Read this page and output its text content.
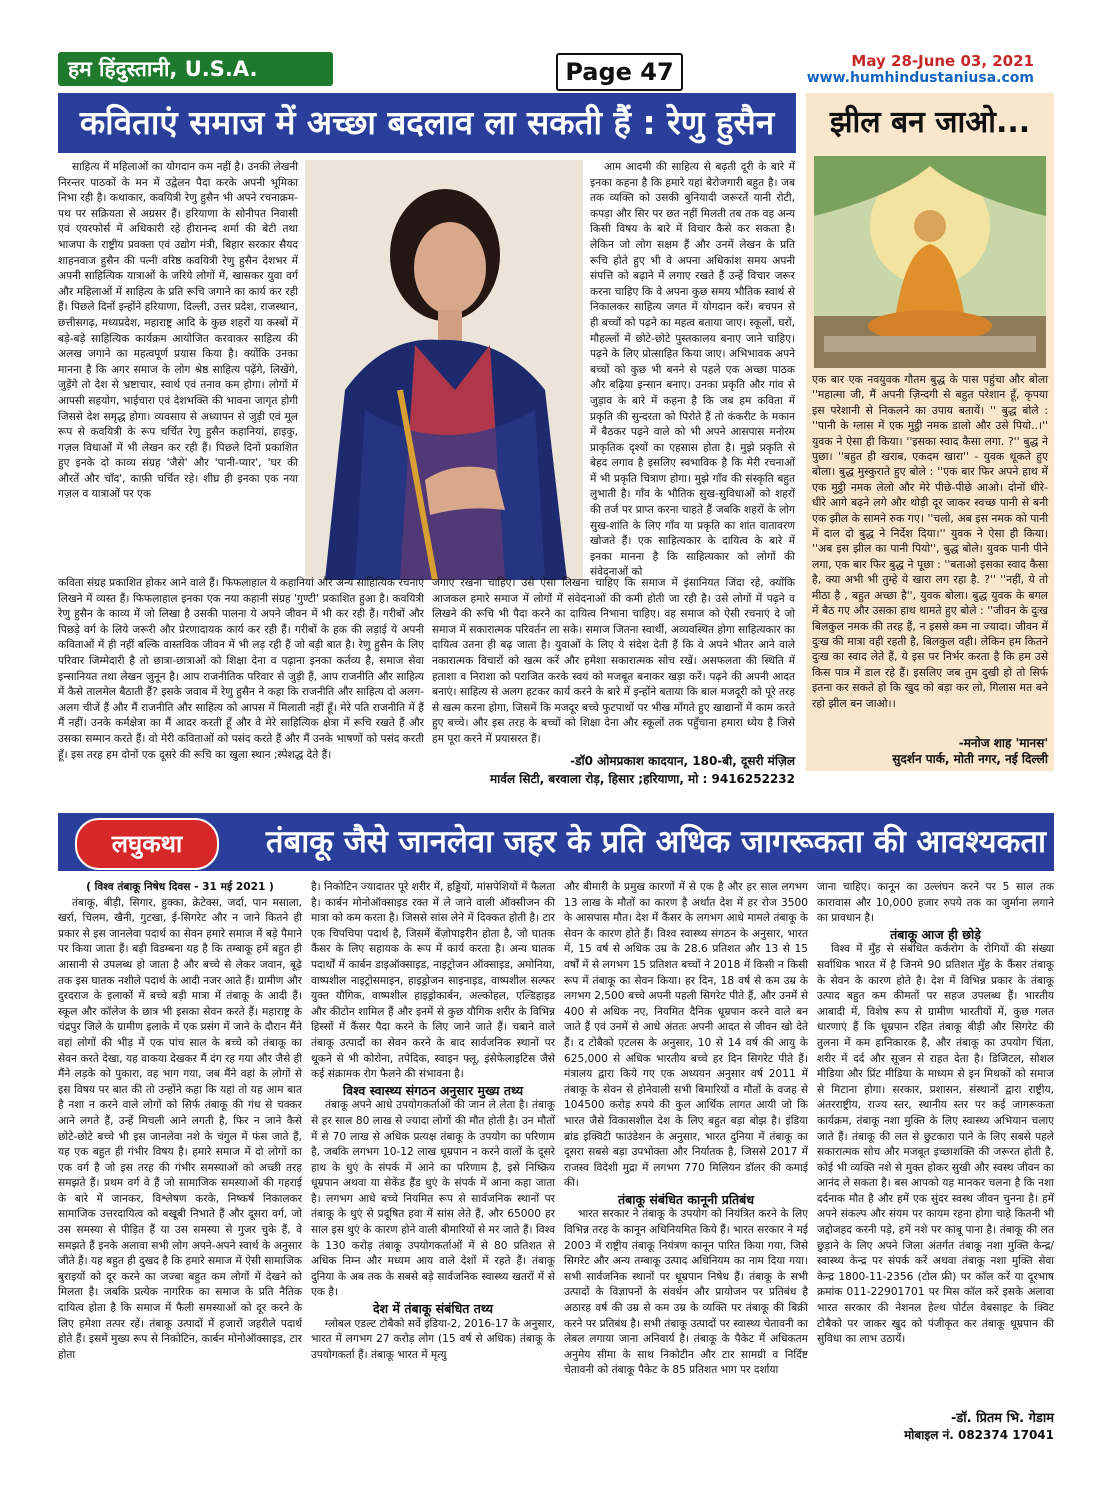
हम हिंदुस्तानी, U.S.A.	Page 47	May 28-June 03, 2021
www.humhindustaniusa.com
कविताएं समाज में अच्छा बदलाव ला सकती हैं : रेणु हुसैन

साहित्य में महिलाओं का योगदान कम नहीं है। उनकी लेखनी निरन्तर पाठकों के मन में उद्वेलन पैदा करके अपनी भूमिका निभा रही है। कथाकार, कवयित्री रेणु हुसैन भी अपने रचनाक्रम-पथ पर सक्रियता से अग्रसर हैं। हरियाणा के सोनीपत निवासी एवं एयरफोर्स में अधिकारी रहे हीरानन्द शर्मा की बेटी तथा भाजपा के राष्ट्रीय प्रवक्ता एवं उद्योग मंत्री, बिहार सरकार सैयद शाहनवाज हुसैन की पत्नी वरिष्ठ कवयित्री रेणु हुसैन देशभर में अपनी साहित्यिक यात्राओं के जरिये लोगों में, खासकर युवा वर्ग और महिलाओं में साहित्य के प्रति रूचि जगाने का कार्य कर रही हैं। पिछले दिनों इन्होंने हरियाणा, दिल्ली, उत्तर प्रदेश, राजस्थान, छत्तीसगढ़, मध्यप्रदेश, महाराष्ट्र आदि के कुछ शहरों या कस्बों में बड़े-बड़े साहित्यिक कार्यक्रम आयोजित करवाकर साहित्य की अलख जगाने का महत्वपूर्ण प्रयास किया है। क्योंकि उनका मानना है कि अगर समाज के लोग श्रेष्ठ साहित्य पढ़ेंगे, लिखेंगे, जुड़ेंगे तो देश से भ्रष्टाचार, स्वार्थ एवं तनाव कम होगा। लोगों में आपसी सहयोग, भाईचारा एवं देशभक्ति की भावना जागृत होगी जिससे देश समृद्ध होगा। व्यवसाय से अध्यापन से जुड़ी एवं मूल रूप से कवयित्री के रूप चर्चित रेणु हुसैन कहानियां, हाइकु, गज़ल विधाओं में भी लेखन कर रही हैं। पिछले दिनों प्रकाशित हुए इनके दो काव्य संग्रह 'जैसे' और 'पानी-प्यार', 'घर की औरतें और चाँद', काफ़ी चर्चित रहे। शीघ्र ही इनका एक नया गज़ल व यात्राओं पर एक

कविता संग्रह प्रकाशित होकर आने वाले हैं। फिफलाहाल ये कहानियां और अन्य साहित्यिक रचनाएं लिखने में व्यस्त हैं। फिफलाहाल इनका एक नया कहानी संग्रह 'गुण्टी' प्रकाशित हुआ है। कवयित्री रेणु हुसैन के काव्य में जो लिखा है उसकी पालना ये अपने जीवन में भी कर रही हैं। गरीबों और पिछड़े वर्ग के लिये जरूरी और प्रेरणादायक कार्य कर रही हैं। गरीबों के हक की लड़ाई ये अपनी कविताओं में ही नहीं बल्कि वास्तविक जीवन में भी लड़ रही हैं जो बड़ी बात है। रेणु हुसैन के लिए परिवार जिम्मेदारी है तो छात्रा-छात्राओं को शिक्षा देना व पढ़ाना इनका कर्तव्य है, समाज सेवा इन्सानियत तथा लेखन जुनून है। आप राजनीतिक परिवार से जुड़ी हैं, आप राजनीति और साहित्य में कैसे तालमेल बैठाती हैं? इसके जवाब में रेणु हुसैन ने कहा कि राजनीति और साहित्य दो अलग-अलग चीजें हैं और मैं राजनीति और साहित्य को आपस में मिलाती नहीं हूँ। मेरे पति राजनीति में हैं मैं नहीं। उनके कर्मक्षेत्रा का मैं आदर करती हूँ और वे मेरे साहित्यिक क्षेत्रा में रूचि रखते हैं और उसका सम्मान करते हैं। वो मेरी कविताओं को पसंद करते हैं और मैं उनके भाषणों को पसंद करती हूँ। इस तरह हम दोनों एक दूसरे की रूचि का खुला स्थान ;स्पेशद्ध देते हैं।

आम आदमी की साहित्य से बढ़ती दूरी के बारे में इनका कहना है कि हमारे यहां बेरोजगारी बहुत है। जब तक व्यक्ति को उसकी बुनियादी जरूरतें यानी रोटी, कपड़ा और सिर पर छत नहीं मिलती तब तक वह अन्य किसी विषय के बारे में विचार कैसे कर सकता है। लेकिन जो लोग सक्षम हैं और उनमें लेखन के प्रति रूचि होते हुए भी वे अपना अधिकांश समय अपनी संपत्ति को बढ़ाने में लगाए रखते हैं उन्हें विचार जरूर करना चाहिए कि वे अपना कुछ समय भौतिक स्वार्थ से निकालकर साहित्य जगत में योगदान करें। बचपन से ही बच्चों को पढ़ने का महत्व बताया जाए। स्कूलों, घरों, मौहल्लों में छोटे-छोटे पुस्तकालय बनाए जाने चाहिए। पढ़ने के लिए प्रोत्साहित किया जाए। अभिभावक अपने बच्चों को कुछ भी बनने से पहले एक अच्छा पाठक और बढ़िया इन्सान बनाए। उनका प्रकृति और गांव से जुड़ाव के बारे में कहना है कि जब हम कविता में प्रकृति की सुन्दरता को पिरोते हैं तो कंकरीट के मकान में बैठकर पढ़ने वाले को भी अपने आसपास मनोरम प्राकृतिक दृश्यों का एहसास होता है। मुझे प्रकृति से बेहद लगाव है इसलिए स्वभाविक है कि मेरी रचनाओं में भी प्रकृति चित्राण होगा। मुझे गाँव की संस्कृति बहुत लुभाती है। गाँव के भौतिक सुख-सुविधाओं को शहरों की तर्ज पर प्राप्त करना चाहते हैं जबकि शहरों के लोग सुख-शांति के लिए गाँव या प्रकृति का शांत वातावरण खोजते हैं। एक साहित्यकार के दायित्व के बारे में इनका मानना है कि साहित्यकार को लोगों की संवेदनाओं को

जगाए रखना चाहिए। उसे ऐसा लिखना चाहिए कि समाज में इंसानियत जिंदा रहे, क्योंकि आजकल हमारे समाज में लोगों में संवेदनाओं की कमी होती जा रही है। उसे लोगों में पढ़ने व लिखने की रूचि भी पैदा करने का दायित्व निभाना चाहिए। वह समाज को ऐसी रचनाएं दे जो समाज में सकारात्मक परिवर्तन ला सके। समाज जितना स्वार्थी, अव्यवस्थित होगा साहित्यकार का दायित्व उतना ही बढ़ जाता है। युवाओं के लिए ये संदेश देती हैं कि वे अपने भीतर आने वाले नकारात्मक विचारों को खत्म करें और हमेशा सकारात्मक सोच रखें। असफलता की स्थिति में हताशा व निराशा को पराजित करके स्वयं को मजबूत बनाकर खड़ा करें। पढ़ने की अपनी आदत बनाएं। साहित्य से अलग हटकर कार्य करने के बारे में इन्होंने बताया कि बाल मजदूरी को पूरे तरह से खत्म करना होगा, जिसमें कि मजदूर बच्चे फुटपाथों पर भीख माँगते हुए खाद्यानों में काम करते हुए बच्चे। और इस तरह के बच्चों को शिक्षा देना और स्कूलों तक पहुँचाना हमारा ध्येय है जिसे हम पूरा करने में प्रयासरत हैं।

-डॉ0 ओमप्रकाश कादयान, 180-बी, दूसरी मंज़िल
मार्वल सिटी, बरवाला रोड़, हिसार ;हरियाणा, मो : 9416252232
झील बन जाओ...

एक बार एक नवयुवक गौतम बुद्ध के पास पहुंचा और बोला ''महात्मा जी, मैं अपनी ज़िन्दगी से बहुत परेशान हूँ, कृपया इस परेशानी से निकलने का उपाय बतायें। '' बुद्ध बोले : ''पानी के ग्लास में एक मुट्ठी नमक डालो और उसे पियो..।'' युवक ने ऐसा ही किया। ''इसका स्वाद कैसा लगा. ?'' बुद्ध ने पुछा। ''बहुत ही खराब, एकदम खारा'' - युवक थूकते हुए बोला। बुद्ध मुस्कुराते हुए बोले : ''एक बार फिर अपने हाथ में एक मुट्ठी नमक लेलो और मेरे पीछे-पीछे आओ। दोनों धीरे-धीरे आगे बढ़ने लगे और थोड़ी दूर जाकर स्वच्छ पानी से बनी एक झील के सामने रुक गए। ''चलो, अब इस नमक को पानी में दाल दो बुद्ध ने निर्देश दिया।'' युवक ने ऐसा ही किया। ''अब इस झील का पानी पियो'', बुद्ध बोले। युवक पानी पीने लगा, एक बार फिर बुद्ध ने पूछा : ''बताओ इसका स्वाद कैसा है, क्या अभी भी तुम्हे ये खारा लग रहा है. ?'' ''नहीं, ये तो मीठा है , बहुत अच्छा है'', युवक बोला। बुद्ध युवक के बगल में बैठ गए और उसका हाथ थामते हुए बोले : ''जीवन के दुःख बिलकुल नमक की तरह हैं, न इससे कम ना ज्यादा। जीवन में दुःख की मात्रा वही रहती है, बिलकुल वही। लेकिन हम कितने दुःख का स्वाद लेते हैं, ये इस पर निर्भर करता है कि हम उसे किस पात्र में डाल रहे हैं। इसलिए जब तुम दुखी हो तो सिर्फ इतना कर सकते हो कि खुद को बड़ा कर लो, गिलास मत बने रहो झील बन जाओ।।

-मनोज शाह 'मानस'
सुदर्शन पार्क, मोती नगर, नई दिल्ली
लघुकथा	तंबाकू जैसे जानलेवा जहर के प्रति अधिक जागरूकता की आवश्यकता
( विश्व तंबाकू निषेध दिवस - 31 मई 2021 )

तंबाकू, बीड़ी, सिगार, हुक्का, क्रेटेक्स, जर्दा, पान मसाला, खर्रा, चिलम, खैनी, गुटखा, ई-सिगरेट और न जाने कितने ही प्रकार से इस जानलेवा पदार्थ का सेवन हमारे समाज में बड़े पैमाने पर किया जाता हैं। बड़ी विडम्बना यह है कि तम्बाकू हमें बहुत ही आसानी से उपलब्ध हो जाता है और बच्चे से लेकर जवान, बूढ़े तक इस घातक नशीले पदार्थ के आदी नजर आते हैं। ग्रामीण और दुरदराज के इलाकों में बच्चे बड़ी मात्रा में तंबाकू के आदी हैं। स्कूल और कॉलेज के छात्र भी इसका सेवन करते हैं। महाराष्ट्र के चंद्रपुर जिले के ग्रामीण इलाके में एक प्रसंग में जाने के दौरान मैंने वहां लोगों की भीड़ में एक पांच साल के बच्चे को तंबाकू का सेवन करते देखा, यह वाकया देखकर मैं दंग रह गया और जैसे ही मैंने लड़के को पुकारा, वह भाग गया, जब मैंने वहां के लोगों से इस विषय पर बात की तो उन्होंने कहा कि यहां तो यह आम बात है नशा न करने वाले लोगों को सिर्फ तंबाकू की गंध से चक्कर आने लगते हैं, उन्हें मिचली आने लगती है, फिर न जाने कैसे छोटे-छोटे बच्चे भी इस जानलेवा नशे के चंगुल में फंस जाते हैं, यह एक बहुत ही गंभीर विषय है। हमारे समाज में दो लोगों का एक वर्ग है जो इस तरह की गंभीर समस्याओं को अच्छी तरह समझते हैं। प्रथम वर्ग वे हैं जो सामाजिक समस्याओं की गहराई के बारे में जानकर, विश्लेषण करके, निष्कर्ष निकालकर सामाजिक उत्तरदायित्व को बखूबी निभाते हैं और दूसरा वर्ग, जो उस समस्या से पीड़ित हैं या उस समस्या से गुजर चुके हैं, वे समझते हैं इनके अलावा सभी लोग अपने-अपने स्वार्थ के अनुसार जीते हैं। यह बहुत ही दुखद है कि हमारे समाज में ऐसी सामाजिक बुराइयों को दूर करने का जज्बा बहुत कम लोगों में देखने को मिलता है। जबकि प्रत्येक नागरिक का समाज के प्रति नैतिक दायित्व होता है कि समाज में फैली समस्याओं को दूर करने के लिए हमेशा तत्पर रहें। तंबाकू उत्पादों में हजारों जहरीले पदार्थ होते हैं। इसमें मुख्य रूप से निकोटिन, कार्बन मोनोऑक्साइड, टार होता

है। निकोटिन ज्यादातर पूरे शरीर में, हड्डियों, मांसपेशियों में फैलता है। कार्बन मोनोऑक्साइड रक्त में ले जाने वाली ऑक्सीजन की मात्रा को कम करता है। जिससे सांस लेने में दिक्कत होती है। टार एक चिपचिपा पदार्थ है, जिसमें बेंज़ोपाइरीन होता है, जो घातक कैंसर के लिए सहायक के रूप में कार्य करता है। अन्य घातक पदार्थों में कार्बन डाइऑक्साइड, नाइट्रोजन ऑक्साइड, अमोनिया, वाष्पशील नाइट्रोसमाइन, हाइड्रोजन साइनाइड, वाष्पशील सल्फर युक्त यौगिक, वाष्पशील हाइड्रोकार्बन, अल्कोहल, एल्डिहाइड और कीटोन शामिल हैं और इनमें से कुछ यौगिक शरीर के विभिन्न हिस्सों में कैंसर पैदा करने के लिए जाने जाते हैं। चबाने वाले तंबाकू उत्पादों का सेवन करने के बाद सार्वजनिक स्थानों पर थूकने से भी कोरोना, तपेदिक, स्वाइन फ्लू, इंसेफेलाइटिस जैसे कई संक्रामक रोग फैलने की संभावना है।

विश्व स्वास्थ्य संगठन अनुसार मुख्य तथ्य

तंबाकू अपने आधे उपयोगकर्ताओं की जान ले लेता है। तंबाकू से हर साल 80 लाख से ज्यादा लोगों की मौत होती है। उन मौतों में से 70 लाख से अधिक प्रत्यक्ष तंबाकू के उपयोग का परिणाम है, जबकि लगभग 10-12 लाख धूम्रपान न करने वालों के दूसरे हाथ के धुएं के संपर्क में आने का परिणाम है, इसे निष्क्रिय धूम्रपान अथवा या सेकेंड हैंड धुएं के संपर्क में आना कहा जाता है। लगभग आधे बच्चे नियमित रूप से सार्वजनिक स्थानों पर तंबाकू के धुएं से प्रदूषित हवा में सांस लेते हैं, और 65000 हर साल इस धुएं के कारण होने वाली बीमारियों से मर जाते हैं। विश्व के 130 करोड़ तंबाकू उपयोगकर्ताओं में से 80 प्रतिशत से अधिक निम्न और मध्यम आय वाले देशों में रहते हैं। तंबाकू दुनिया के अब तक के सबसे बड़े सार्वजनिक स्वास्थ्य खतरों में से एक है।

देश में तंबाकू संबंधित तथ्य

ग्लोबल एडल्ट टोबैको सर्वे इंडिया-2, 2016-17 के अनुसार, भारत में लगभग 27 करोड़ लोग (15 वर्ष से अधिक) तंबाकू के उपयोगकर्ता हैं। तंबाकू भारत में मृत्यु

और बीमारी के प्रमुख कारणों में से एक है और हर साल लगभग 13 लाख के मौतों का कारण है अर्थात देश में हर रोज 3500 के आसपास मौत। देश में कैंसर के लगभग आधे मामले तंबाकू के सेवन के कारण होते हैं। विश्व स्वास्थ्य संगठन के अनुसार, भारत में, 15 वर्ष से अधिक उम्र के 28.6 प्रतिशत और 13 से 15 वर्षों में से लगभग 15 प्रतिशत बच्चों ने 2018 में किसी न किसी रूप में तंबाकू का सेवन किया। हर दिन, 18 वर्ष से कम उम्र के लगभग 2,500 बच्चे अपनी पहली सिगरेट पीते हैं, और उनमें से 400 से अधिक नए, नियमित दैनिक धूम्रपान करने वाले बन जाते हैं एवं उनमें से आधे अंततः अपनी आदत से जीवन खो देते हैं। द टोबैको एटलस के अनुसार, 10 से 14 वर्ष की आयु के 625,000 से अधिक भारतीय बच्चे हर दिन सिगरेट पीते हैं। मंत्रालय द्वारा किये गए एक अध्ययन अनुसार वर्ष 2011 में तंबाकू के सेवन से होनेवाली सभी बिमारियों व मौतों के वजह से 104500 करोड़ रुपये की कुल आर्थिक लागत आयी जो कि भारत जैसे विकासशील देश के लिए बहुत बड़ा बोझ है। इंडिया ब्रांड इक्विटी फाउंडेशन के अनुसार, भारत दुनिया में तंबाकू का दूसरा सबसे बड़ा उपभोक्ता और निर्यातक है, जिससे 2017 में राजस्व विदेशी मुद्रा में लगभग 770 मिलियन डॉलर की कमाई की।

तंबाकू संबंधित कानूनी प्रतिबंध

भारत सरकार ने तंबाकू के उपयोग को नियंत्रित करने के लिए विभिन्न तरह के कानून अधिनियमित किये हैं। भारत सरकार ने मई 2003 में राष्ट्रीय तंबाकू नियंत्रण कानून पारित किया गया, जिसे सिगरेट और अन्य तम्बाकू उत्पाद अधिनियम का नाम दिया गया। सभी सार्वजनिक स्थानों पर धूम्रपान निषेध हैं। तंबाकू के सभी उत्पादों के विज्ञापनों के संवर्धन और प्रायोजन पर प्रतिबंध है अठारह वर्ष की उम्र से कम उम्र के व्यक्ति पर तंबाकू की बिक्री करने पर प्रतिबंध है। सभी तंबाकू उत्पादों पर स्वास्थ्य चेतावनी का लेबल लगाया जाना अनिवार्य है। तंबाकू के पैकेट में अधिकतम अनुमेय सीमा के साथ निकोटीन और टार सामग्री व निर्दिष्ट चेतावनी को तंबाकू पैकेट के 85 प्रतिशत भाग पर दर्शाया

जाना चाहिए। कानून का उल्लंघन करने पर 5 साल तक कारावास और 10,000 हजार रुपये तक का जुर्माना लगाने का प्रावधान है।

तंबाकू आज ही छोड़े

विश्व में मुँह से संबंधित कर्करोग के रोगियों की संख्या सर्वाधिक भारत में है जिनमे 90 प्रतिशत मुँह के कैंसर तंबाकू के सेवन के कारण होते है। देश में विभिन्न प्रकार के तंबाकू उत्पाद बहुत कम कीमतों पर सहज उपलब्ध हैं। भारतीय आबादी में, विशेष रूप से ग्रामीण भारतीयों में, कुछ गलत धारणाएं हैं कि धूम्रपान रहित तंबाकू बीड़ी और सिगरेट की तुलना में कम हानिकारक है, और तंबाकू का उपयोग चिंता, शरीर में दर्द और सूजन से राहत देता है। डिजिटल, सोशल मीडिया और प्रिंट मीडिया के माध्यम से इन मिथकों को समाज से मिटाना होगा। सरकार, प्रशासन, संस्थानों द्वारा राष्ट्रीय, अंतरराष्ट्रीय, राज्य स्तर, स्थानीय स्तर पर कई जागरूकता कार्यक्रम, तंबाकू नशा मुक्ति के लिए स्वास्थ्य अभियान चलाए जाते हैं। तंबाकू की लत से छुटकारा पाने के लिए सबसे पहले सकारात्मक सोच और मजबूत इच्छाशक्ति की जरूरत होती है, कोई भी व्यक्ति नशे से मुक्त होकर सुखी और स्वस्थ जीवन का आनंद ले सकता है। बस आपको यह मानकर चलना है कि नशा दर्दनाक मौत है और हमें एक सुंदर स्वस्थ जीवन चुनना है। हमें अपने संकल्प और संयम पर कायम रहना होगा चाहे कितनी भी जद्दोजहद करनी पड़े, हमें नशे पर काबू पाना है। तंबाकू की लत छुड़ाने के लिए अपने जिला अंतर्गत तंबाकू नशा मुक्ति केन्द्र/स्वास्थ्य केन्द्र पर संपर्क करें अथवा तंबाकू नशा मुक्ति सेवा केन्द्र 1800-11-2356 (टोल फ्री) पर कॉल करें या दूरभाष क्रमांक 011-22901701 पर मिस कॉल करें इसके अलावा भारत सरकार की नेशनल हेल्थ पोर्टल वेबसाइट के क्विट टोबैको पर जाकर खुद को पंजीकृत कर तंबाकू धूम्रपान की सुविधा का लाभ उठायें।

-डॉ. प्रितम भि. गेडाम
मोबाइल नं. 082374 17041
